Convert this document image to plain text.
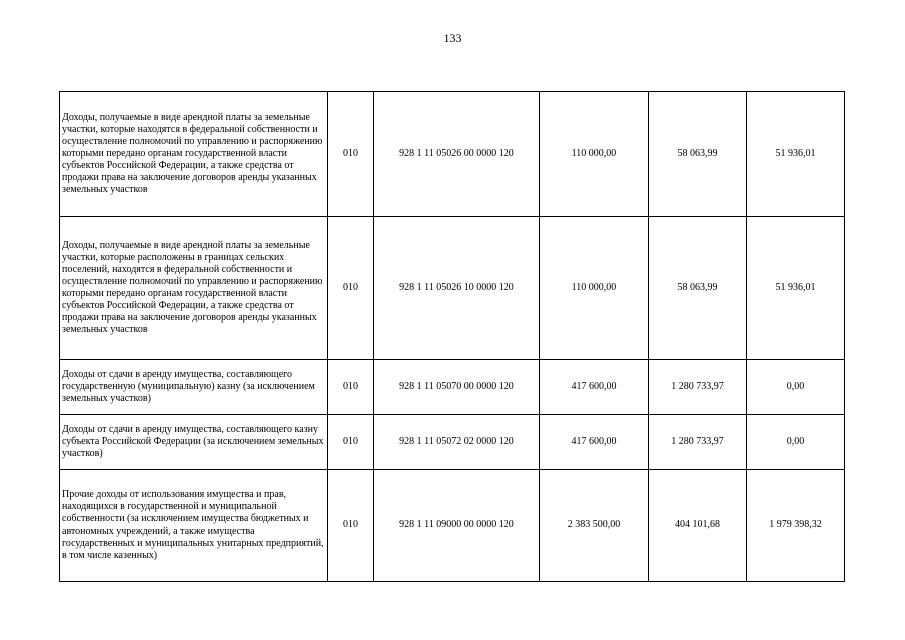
133
Доходы, получаемые в виде арендной платы за земельные участки, которые находятся в федеральной собственности и осуществление полномочий по управлению и распоряжению которыми передано органам государственной власти субъектов Российской Федерации, а также средства от продажи права на заключение договоров аренды указанных земельных участков	010	928 1 11 05026 00 0000 120	110 000,00	58 063,99	51 936,01
Доходы, получаемые в виде арендной платы за земельные участки, которые расположены в границах сельских поселений, находятся в федеральной собственности и осуществление полномочий по управлению и распоряжению которыми передано органам государственной власти субъектов Российской Федерации, а также средства от продажи права на заключение договоров аренды указанных земельных участков	010	928 1 11 05026 10 0000 120	110 000,00	58 063,99	51 936,01
Доходы от сдачи в аренду имущества, составляющего государственную (муниципальную) казну (за исключением земельных участков)	010	928 1 11 05070 00 0000 120	417 600,00	1 280 733,97	0,00
Доходы от сдачи в аренду имущества, составляющего казну субъекта Российской Федерации (за исключением земельных участков)	010	928 1 11 05072 02 0000 120	417 600,00	1 280 733,97	0,00
Прочие доходы от использования имущества и прав, находящихся в государственной и муниципальной собственности (за исключением имущества бюджетных и автономных учреждений, а также имущества государственных и муниципальных унитарных предприятий, в том числе казенных)	010	928 1 11 09000 00 0000 120	2 383 500,00	404 101,68	1 979 398,32
